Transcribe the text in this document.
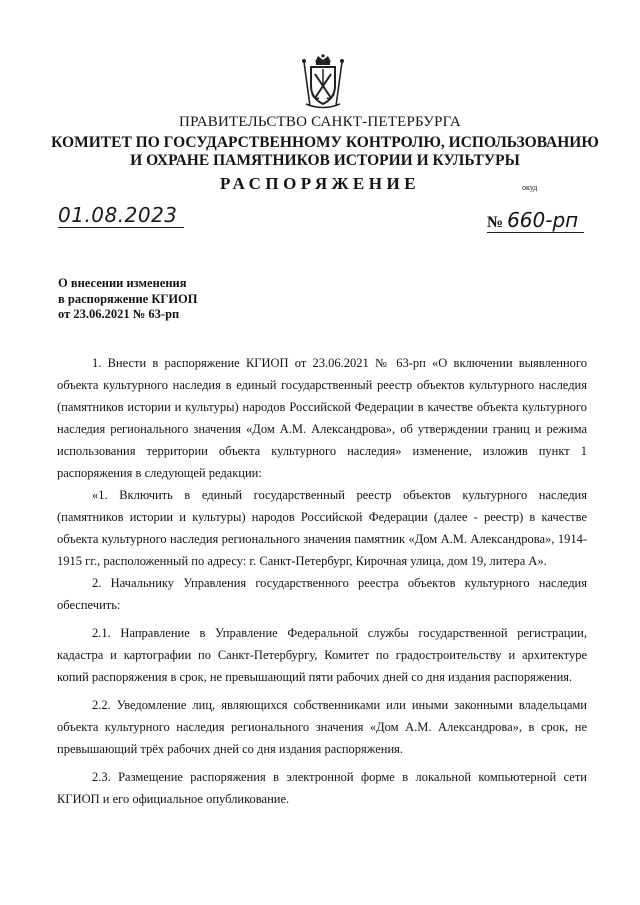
ПРАВИТЕЛЬСТВО САНКТ-ПЕТЕРБУРГА
КОМИТЕТ ПО ГОСУДАРСТВЕННОМУ КОНТРОЛЮ, ИСПОЛЬЗОВАНИЮ
И ОХРАНЕ ПАМЯТНИКОВ ИСТОРИИ И КУЛЬТУРЫ
РАСПОРЯЖЕНИЕ	окуд
01.08.2023	№ 660-рп
О внесении изменения
в распоряжение КГИОП
от 23.06.2021 № 63-рп

1. Внести в распоряжение КГИОП от 23.06.2021 № 63-рп «О включении выявленного объекта культурного наследия в единый государственный реестр объектов культурного наследия (памятников истории и культуры) народов Российской Федерации в качестве объекта культурного наследия регионального значения «Дом А.М. Александрова», об утверждении границ и режима использования территории объекта культурного наследия» изменение, изложив пункт 1 распоряжения в следующей редакции:

«1. Включить в единый государственный реестр объектов культурного наследия (памятников истории и культуры) народов Российской Федерации (далее - реестр) в качестве объекта культурного наследия регионального значения памятник «Дом А.М. Александрова», 1914-1915 гг., расположенный по адресу: г. Санкт-Петербург, Кирочная улица, дом 19, литера А».

2. Начальнику Управления государственного реестра объектов культурного наследия обеспечить:

2.1. Направление в Управление Федеральной службы государственной регистрации, кадастра и картографии по Санкт-Петербургу, Комитет по градостроительству и архитектуре копий распоряжения в срок, не превышающий пяти рабочих дней со дня издания распоряжения.

2.2. Уведомление лиц, являющихся собственниками или иными законными владельцами объекта культурного наследия регионального значения «Дом А.М. Александрова», в срок, не превышающий трёх рабочих дней со дня издания распоряжения.

2.3. Размещение распоряжения в электронной форме в локальной компьютерной сети КГИОП и его официальное опубликование.
